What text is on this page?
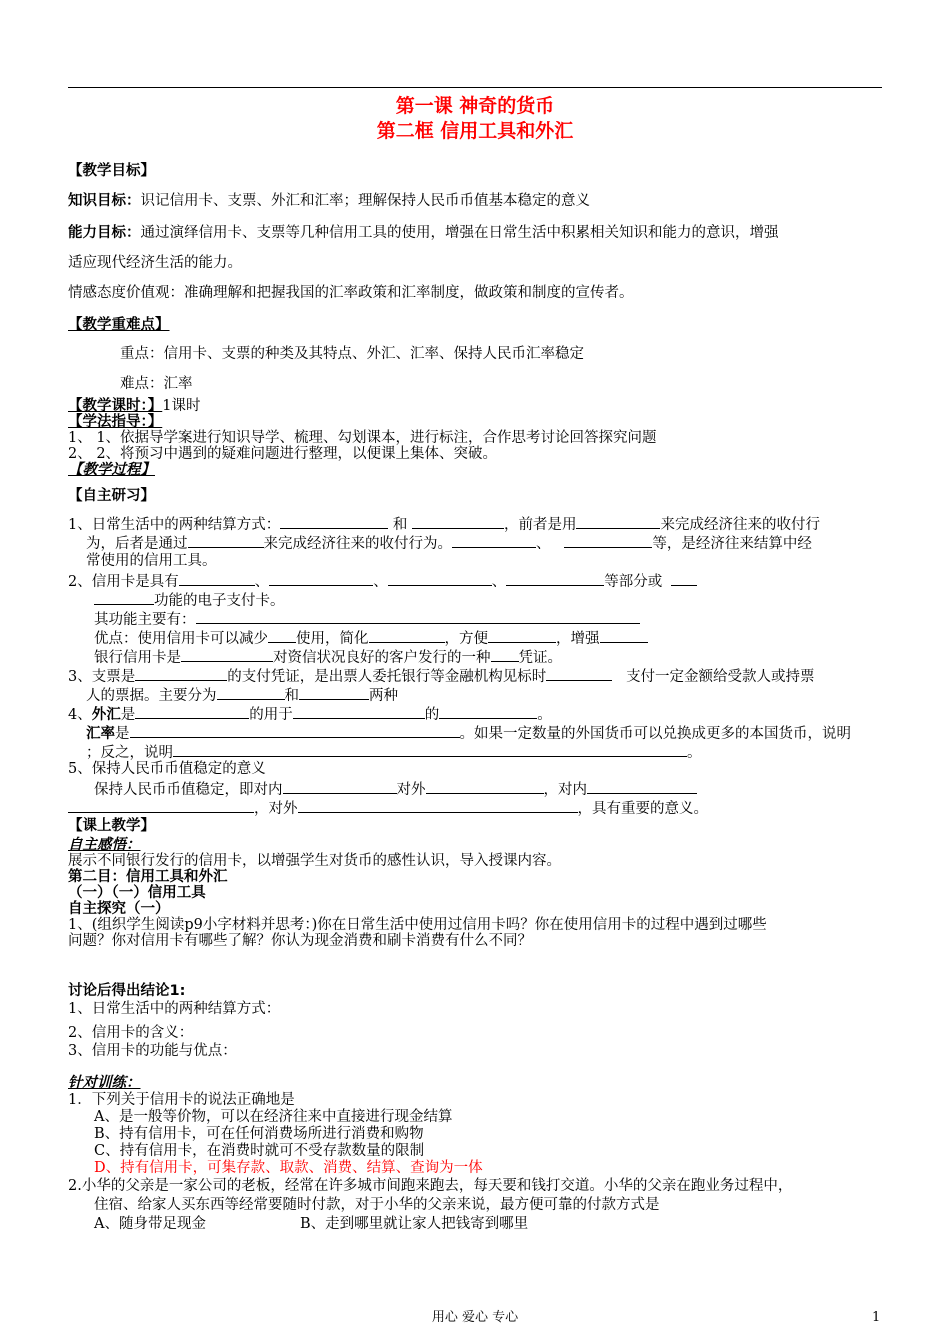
第一课 神奇的货币
第二框 信用工具和外汇
【教学目标】
知识目标：识记信用卡、支票、外汇和汇率；理解保持人民币币值基本稳定的意义
能力目标：通过演绎信用卡、支票等几种信用工具的使用，增强在日常生活中积累相关知识和能力的意识，增强
适应现代经济生活的能力。
情感态度价值观：准确理解和把握我国的汇率政策和汇率制度，做政策和制度的宣传者。
【教学重难点】
重点：信用卡、支票的种类及其特点、外汇、汇率、保持人民币汇率稳定
难点：汇率
【教学课时：】1课时
【学法指导：】
1、 1、依据导学案进行知识导学、梳理、勾划课本，进行标注，合作思考讨论回答探究问题
2、 2、将预习中遇到的疑难问题进行整理，以便课上集体、突破。
【教学过程】
【自主研习】
1、日常生活中的两种结算方式：	和	，前者是用	来完成经济往来的收付行
为，后者是通过	来完成经济往来的收付行为。	、	等，是经济往来结算中经
常使用的信用工具。
2、信用卡是具有	、	、	、	等部分或
功能的电子支付卡。
其功能主要有：
优点：使用信用卡可以减少 使用，简化	，方便	，增强
银行信用卡是	对资信状况良好的客户发行的一种 凭证。
3、支票是	的支付凭证，是出票人委托银行等金融机构见标时	支付一定金额给受款人或持票
人的票据。主要分为	和	两种
4、外汇是	的用于	的	。
汇率是	。如果一定数量的外国货币可以兑换成更多的本国货币，说明
；反之，说明	。
5、保持人民币币值稳定的意义
保持人民币币值稳定，即对内	对外	，对内
，对外	，具有重要的意义。
【课上教学】
自主感悟：
展示不同银行发行的信用卡，以增强学生对货币的感性认识，导入授课内容。
第二目：信用工具和外汇
（一）（一）信用工具
自主探究（一）
1、(组织学生阅读p9小字材料并思考：)你在日常生活中使用过信用卡吗？你在使用信用卡的过程中遇到过哪些
问题？你对信用卡有哪些了解？你认为现金消费和刷卡消费有什么不同？
讨论后得出结论1:
1、日常生活中的两种结算方式：
2、信用卡的含义：
3、信用卡的功能与优点：
针对训练：
1．下列关于信用卡的说法正确地是
A、是一般等价物，可以在经济往来中直接进行现金结算
B、持有信用卡，可在任何消费场所进行消费和购物
C、持有信用卡，在消费时就可不受存款数量的限制
D、持有信用卡，可集存款、取款、消费、结算、查询为一体
2.小华的父亲是一家公司的老板，经常在许多城市间跑来跑去，每天要和钱打交道。小华的父亲在跑业务过程中，
住宿、给家人买东西等经常要随时付款，对于小华的父亲来说，最方便可靠的付款方式是
A、随身带足现金	B、走到哪里就让家人把钱寄到哪里
用心 爱心 专心	1
